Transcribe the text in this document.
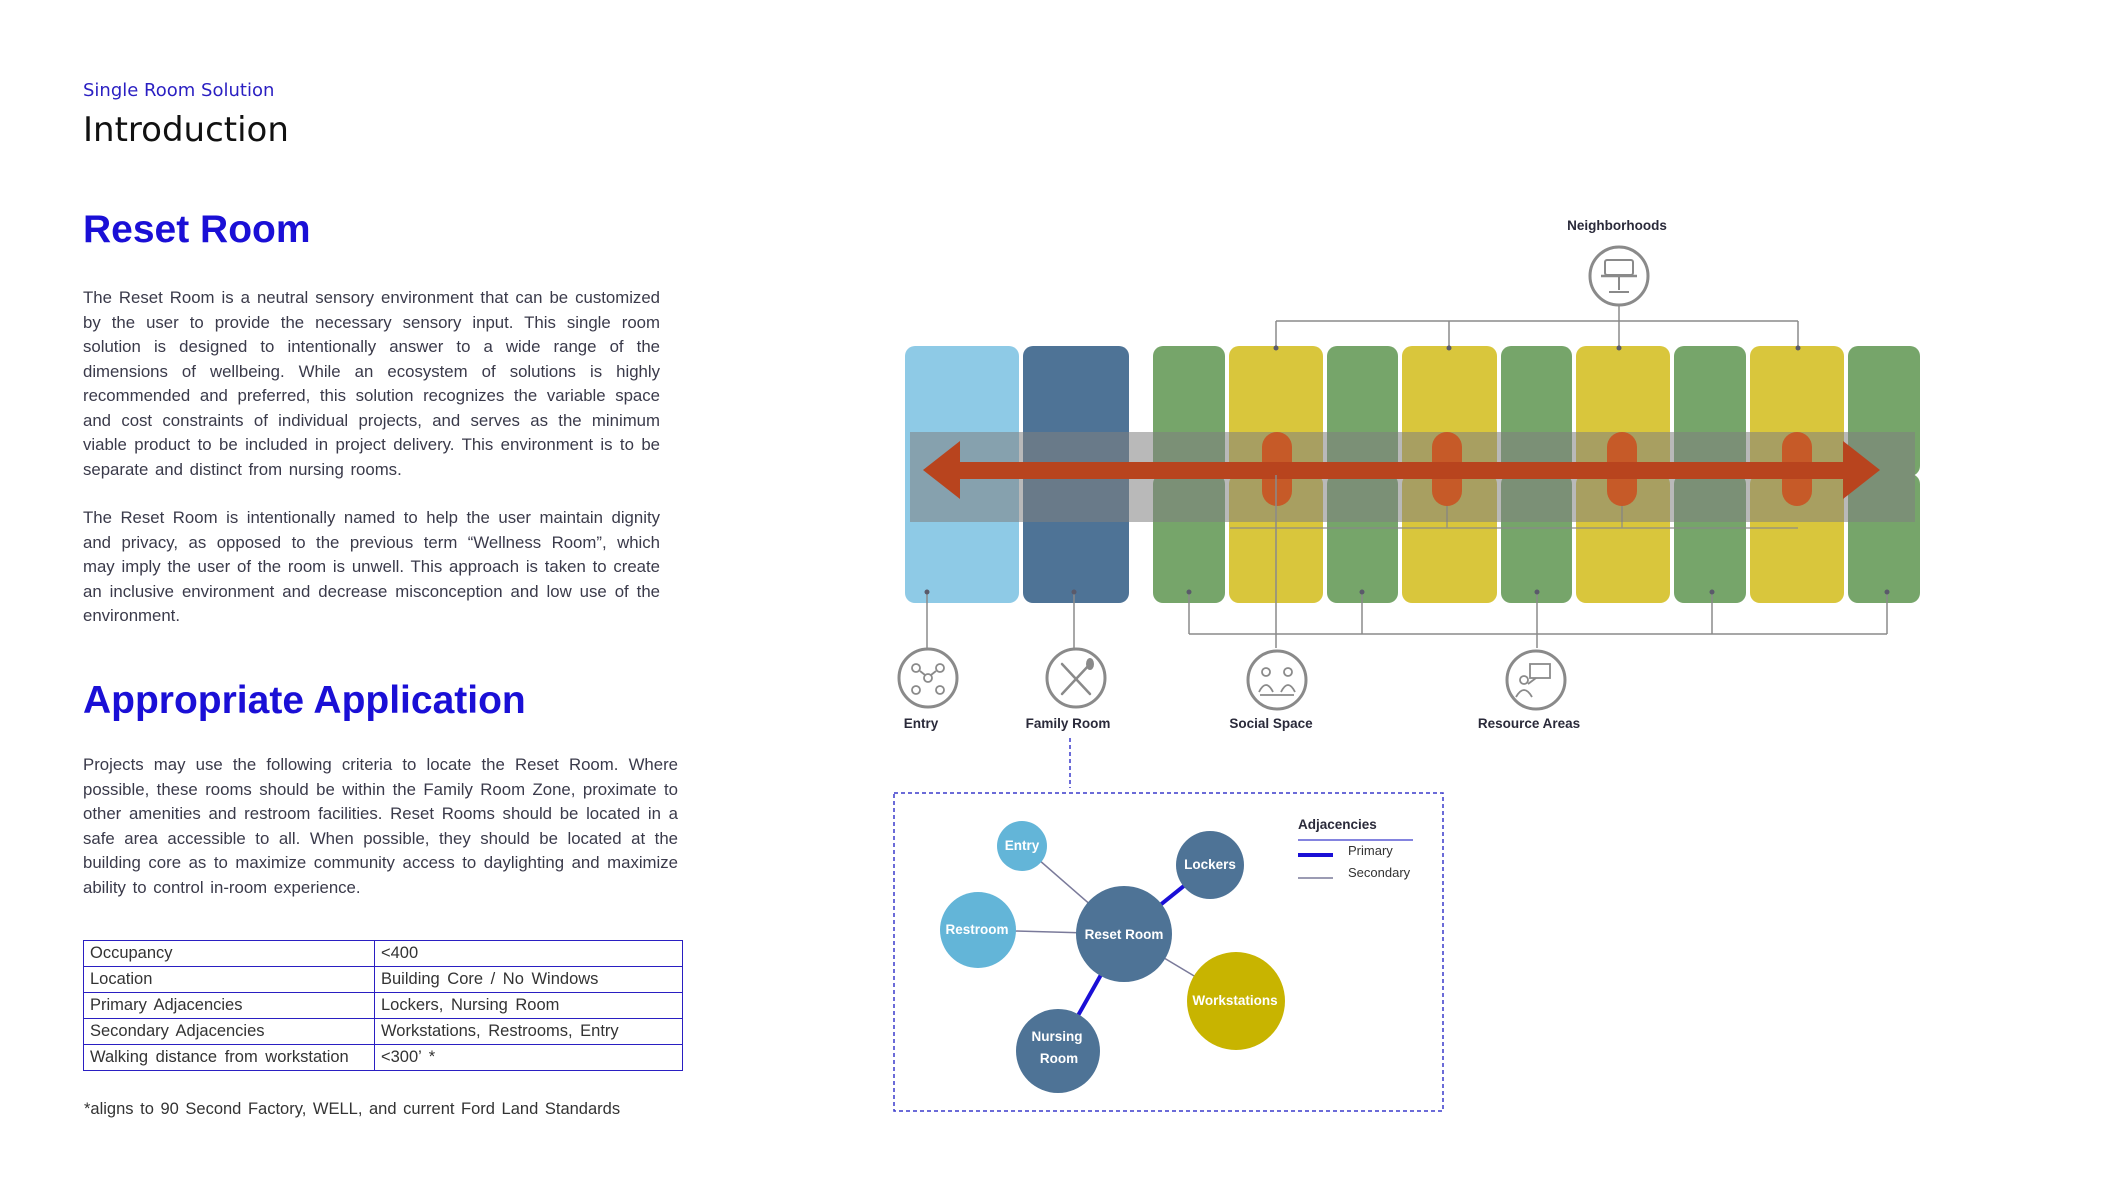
Single Room Solution
Introduction
Reset Room
The Reset Room is a neutral sensory environment that can be customized by the user to provide the necessary sensory input. This single room solution is designed to intentionally answer to a wide range of the dimensions of wellbeing. While an ecosystem of solutions is highly recommended and preferred, this solution recognizes the variable space and cost constraints of individual projects, and serves as the minimum viable product to be included in project delivery. This environment is to be separate and distinct from nursing rooms.
The Reset Room is intentionally named to help the user maintain dignity and privacy, as opposed to the previous term “Wellness Room”, which may imply the user of the room is unwell. This approach is taken to create an inclusive environment and decrease misconception and low use of the environment.
Appropriate Application
Projects may use the following criteria to locate the Reset Room. Where possible, these rooms should be within the Family Room Zone, proximate to other amenities and restroom facilities. Reset Rooms should be located in a safe area accessible to all. When possible, they should be located at the building core as to maximize community access to daylighting and maximize ability to control in-room experience.
Occupancy	<400
Location	Building Core / No Windows
Primary Adjacencies	Lockers, Nursing Room
Secondary Adjacencies	Workstations, Restrooms, Entry
Walking distance from workstation	<300’ *
*aligns to 90 Second Factory, WELL, and current Ford Land Standards
Neighborhoods
Entry	Family Room	Social Space	Resource Areas
Entry
Lockers
Restroom	Reset Room
Workstations
Nursing
Room
Adjacencies
Primary
Secondary
